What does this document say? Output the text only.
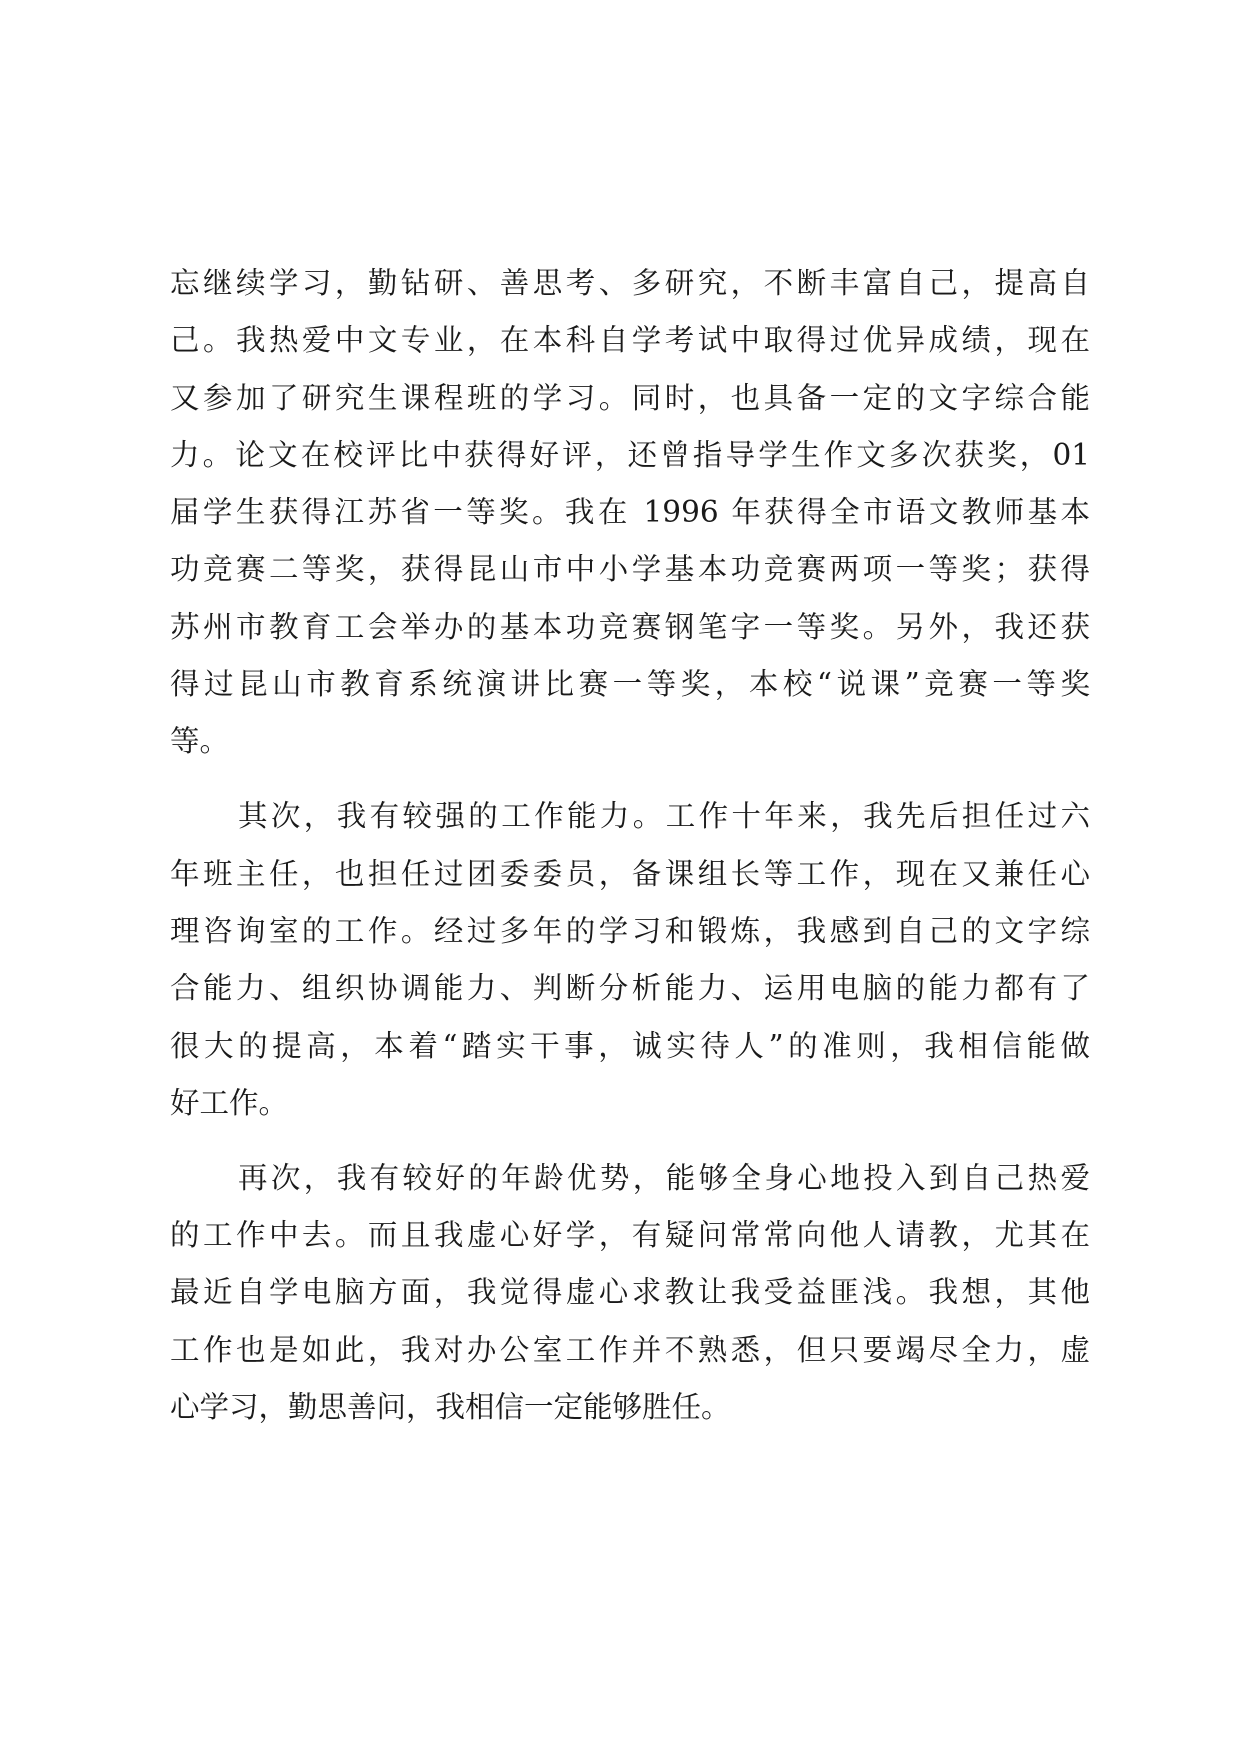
忘继续学习，勤钻研、善思考、多研究，不断丰富自己，提高自
己。我热爱中文专业，在本科自学考试中取得过优异成绩，现在
又参加了研究生课程班的学习。同时，也具备一定的文字综合能
力。论文在校评比中获得好评，还曾指导学生作文多次获奖，01
届学生获得江苏省一等奖。我在 1996 年获得全市语文教师基本
功竞赛二等奖，获得昆山市中小学基本功竞赛两项一等奖；获得
苏州市教育工会举办的基本功竞赛钢笔字一等奖。另外，我还获
得过昆山市教育系统演讲比赛一等奖，本校“说课”竞赛一等奖
等。
其次，我有较强的工作能力。工作十年来，我先后担任过六
年班主任，也担任过团委委员，备课组长等工作，现在又兼任心
理咨询室的工作。经过多年的学习和锻炼，我感到自己的文字综
合能力、组织协调能力、判断分析能力、运用电脑的能力都有了
很大的提高，本着“踏实干事，诚实待人”的准则，我相信能做
好工作。
再次，我有较好的年龄优势，能够全身心地投入到自己热爱
的工作中去。而且我虚心好学，有疑问常常向他人请教，尤其在
最近自学电脑方面，我觉得虚心求教让我受益匪浅。我想，其他
工作也是如此，我对办公室工作并不熟悉，但只要竭尽全力，虚
心学习，勤思善问，我相信一定能够胜任。
